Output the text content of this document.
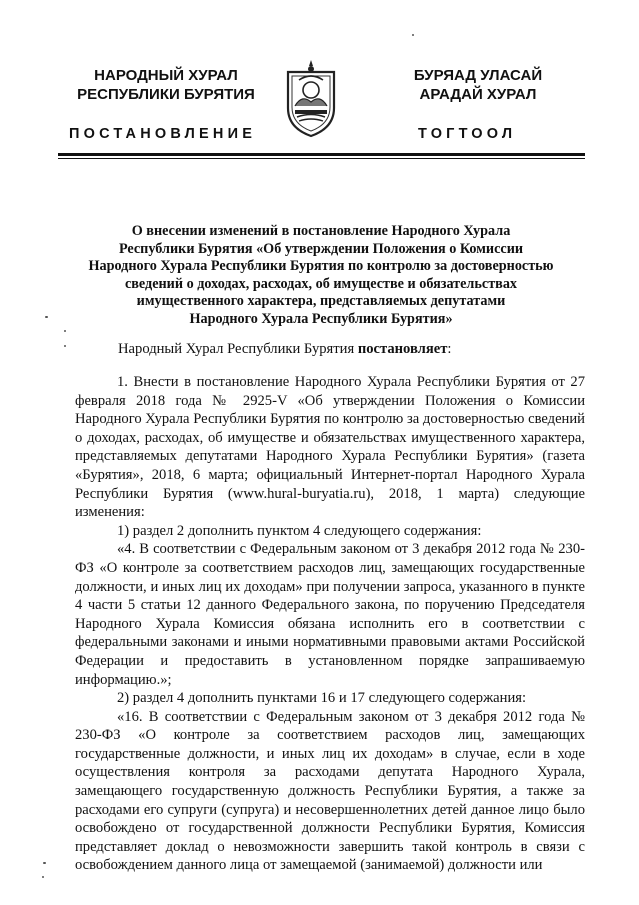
НАРОДНЫЙ ХУРАЛ
РЕСПУБЛИКИ БУРЯТИЯ
БУРЯАД УЛАСАЙ
АРАДАЙ ХУРАЛ
ПОСТАНОВЛЕНИЕ	ТОГТООЛ
О внесении изменений в постановление Народного Хурала
Республики Бурятия «Об утверждении Положения о Комиссии
Народного Хурала Республики Бурятия по контролю за достоверностью
сведений о доходах, расходах, об имуществе и обязательствах
имущественного характера, представляемых депутатами
Народного Хурала Республики Бурятия»
Народный Хурал Республики Бурятия постановляет:

1. Внести в постановление Народного Хурала Республики Бурятия от 27 февраля 2018 года № 2925-V «Об утверждении Положения о Комиссии Народного Хурала Республики Бурятия по контролю за достоверностью сведений о доходах, расходах, об имуществе и обязательствах имущественного характера, представляемых депутатами Народного Хурала Республики Бурятия» (газета «Бурятия», 2018, 6 марта; официальный Интернет-портал Народного Хурала Республики Бурятия (www.hural-buryatia.ru), 2018, 1 марта) следующие изменения:

1) раздел 2 дополнить пунктом 4 следующего содержания:

«4. В соответствии с Федеральным законом от 3 декабря 2012 года № 230-ФЗ «О контроле за соответствием расходов лиц, замещающих государственные должности, и иных лиц их доходам» при получении запроса, указанного в пункте 4 части 5 статьи 12 данного Федерального закона, по поручению Председателя Народного Хурала Комиссия обязана исполнить его в соответствии с федеральными законами и иными нормативными правовыми актами Российской Федерации и предоставить в установленном порядке запрашиваемую информацию.»;

2) раздел 4 дополнить пунктами 16 и 17 следующего содержания:

«16. В соответствии с Федеральным законом от 3 декабря 2012 года № 230-ФЗ «О контроле за соответствием расходов лиц, замещающих государственные должности, и иных лиц их доходам» в случае, если в ходе осуществления контроля за расходами депутата Народного Хурала, замещающего государственную должность Республики Бурятия, а также за расходами его супруги (супруга) и несовершеннолетних детей данное лицо было освобождено от государственной должности Республики Бурятия, Комиссия представляет доклад о невозможности завершить такой контроль в связи с освобождением данного лица от замещаемой (занимаемой) должности или
